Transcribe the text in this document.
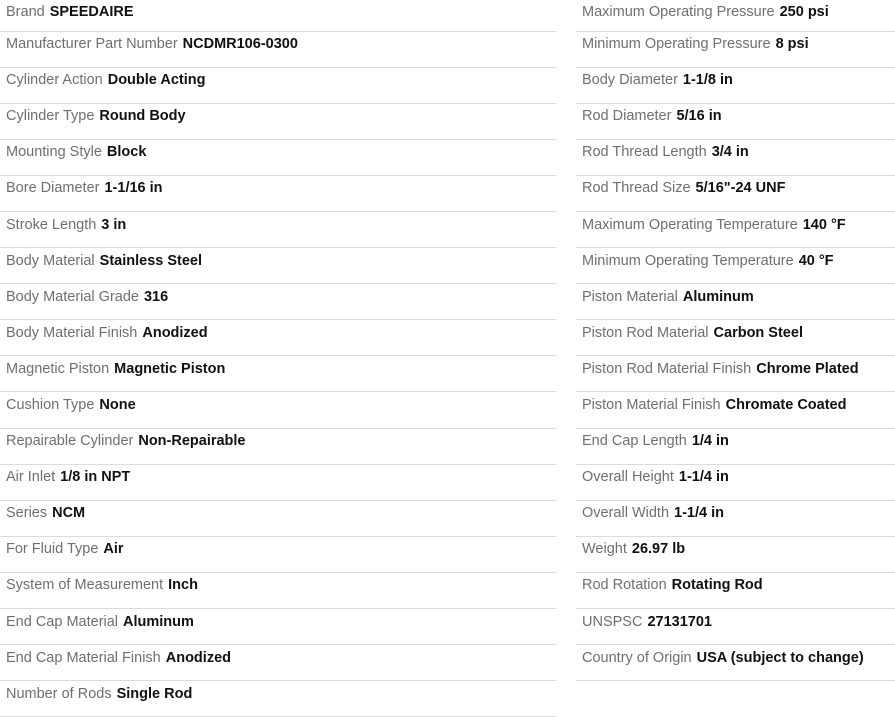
Brand SPEEDAIRE
Manufacturer Part Number NCDMR106-0300
Cylinder Action Double Acting
Cylinder Type Round Body
Mounting Style Block
Bore Diameter 1-1/16 in
Stroke Length 3 in
Body Material Stainless Steel
Body Material Grade 316
Body Material Finish Anodized
Magnetic Piston Magnetic Piston
Cushion Type None
Repairable Cylinder Non-Repairable
Air Inlet 1/8 in NPT
Series NCM
For Fluid Type Air
System of Measurement Inch
End Cap Material Aluminum
End Cap Material Finish Anodized
Number of Rods Single Rod
Maximum Operating Pressure 250 psi
Minimum Operating Pressure 8 psi
Body Diameter 1-1/8 in
Rod Diameter 5/16 in
Rod Thread Length 3/4 in
Rod Thread Size 5/16"-24 UNF
Maximum Operating Temperature 140 °F
Minimum Operating Temperature 40 °F
Piston Material Aluminum
Piston Rod Material Carbon Steel
Piston Rod Material Finish Chrome Plated
Piston Material Finish Chromate Coated
End Cap Length 1/4 in
Overall Height 1-1/4 in
Overall Width 1-1/4 in
Weight 26.97 lb
Rod Rotation Rotating Rod
UNSPSC 27131701
Country of Origin USA (subject to change)
